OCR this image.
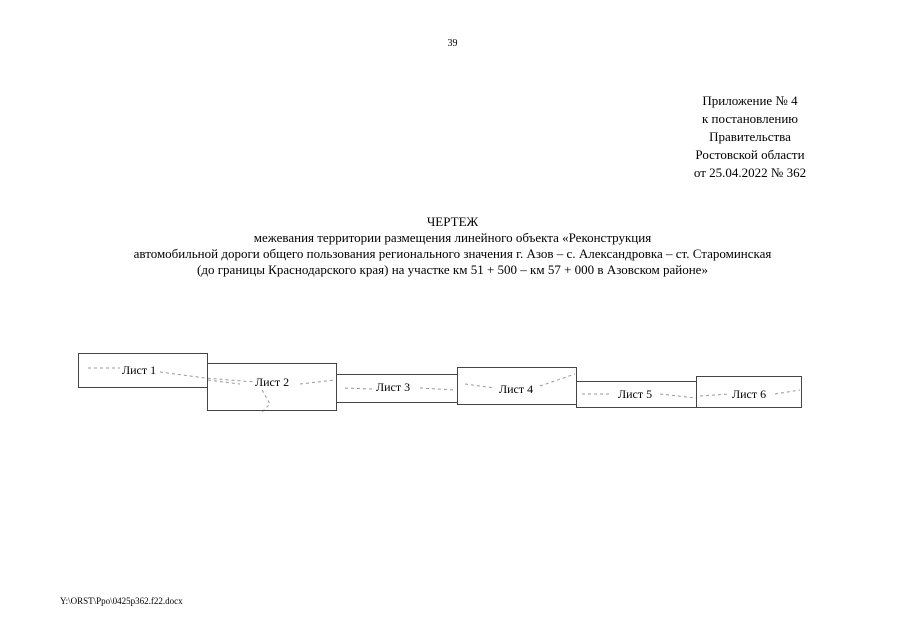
39
Приложение № 4
к постановлению
Правительства
Ростовской области
от 25.04.2022 № 362
ЧЕРТЕЖ
межевания территории размещения линейного объекта «Реконструкция
автомобильной дороги общего пользования регионального значения г. Азов – с. Александровка – ст. Староминская
(до границы Краснодарского края) на участке км 51 + 500 – км 57 + 000 в Азовском районе»
Лист 1
Лист 2	Лист 3	Лист 4	Лист 5	Лист 6
Y:\ORST\Ppo\0425p362.f22.docx
